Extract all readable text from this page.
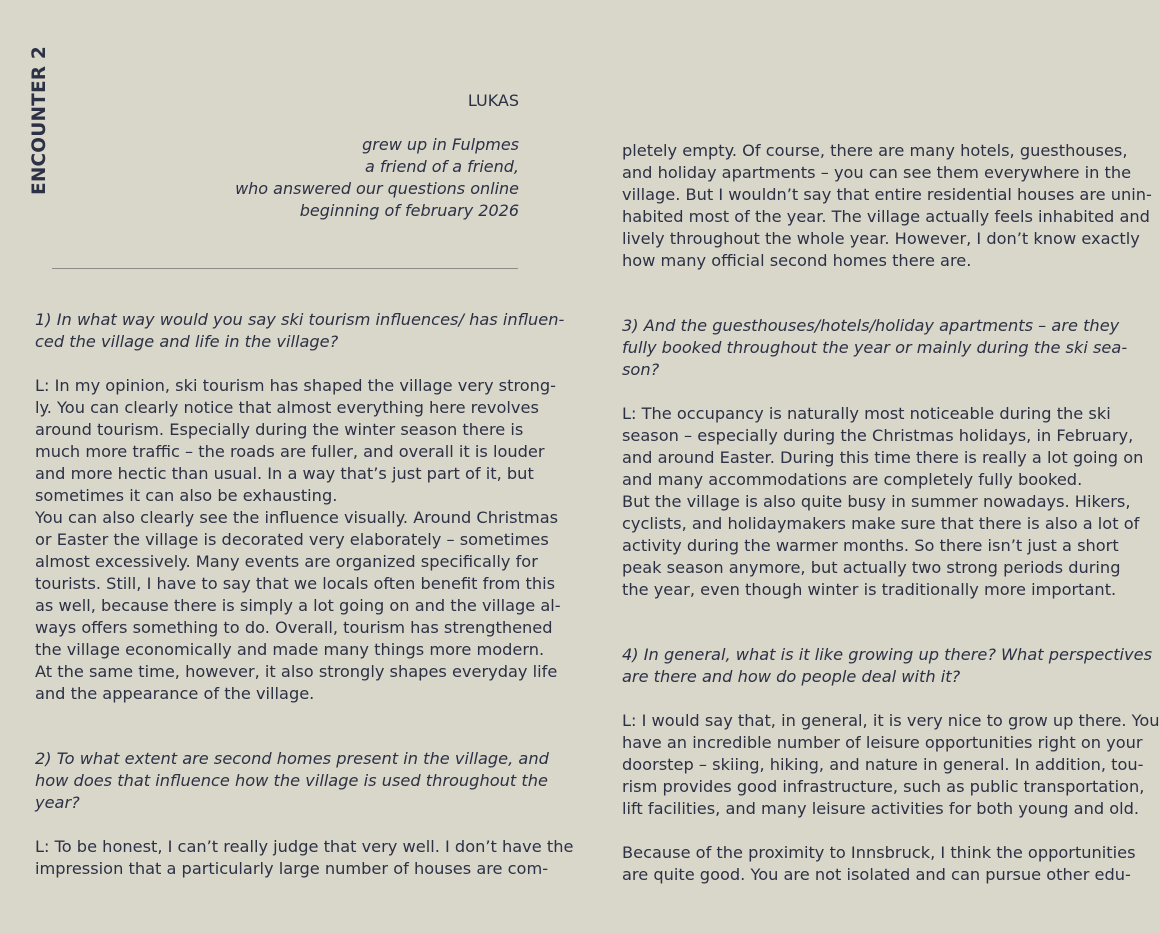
ENCOUNTER 2	LUKAS
grew up in Fulpmes
a friend of a friend,
who answered our questions online
beginning of february 2026
1) In what way would you say ski tourism influences/ has influen-
ced the village and life in the village?
L: In my opinion, ski tourism has shaped the village very strong-
ly. You can clearly notice that almost everything here revolves
around tourism. Especially during the winter season there is
much more traffic – the roads are fuller, and overall it is louder
and more hectic than usual. In a way that’s just part of it, but
sometimes it can also be exhausting.
You can also clearly see the influence visually. Around Christmas
or Easter the village is decorated very elaborately – sometimes
almost excessively. Many events are organized specifically for
tourists. Still, I have to say that we locals often benefit from this
as well, because there is simply a lot going on and the village al-
ways offers something to do. Overall, tourism has strengthened
the village economically and made many things more modern.
At the same time, however, it also strongly shapes everyday life
and the appearance of the village.
2) To what extent are second homes present in the village, and
how does that influence how the village is used throughout the
year?
L: To be honest, I can’t really judge that very well. I don’t have the
impression that a particularly large number of houses are com-
pletely empty. Of course, there are many hotels, guesthouses,
and holiday apartments – you can see them everywhere in the
village. But I wouldn’t say that entire residential houses are unin-
habited most of the year. The village actually feels inhabited and
lively throughout the whole year. However, I don’t know exactly
how many official second homes there are.
3) And the guesthouses/hotels/holiday apartments – are they
fully booked throughout the year or mainly during the ski sea-
son?
L: The occupancy is naturally most noticeable during the ski
season – especially during the Christmas holidays, in February,
and around Easter. During this time there is really a lot going on
and many accommodations are completely fully booked.
But the village is also quite busy in summer nowadays. Hikers,
cyclists, and holidaymakers make sure that there is also a lot of
activity during the warmer months. So there isn’t just a short
peak season anymore, but actually two strong periods during
the year, even though winter is traditionally more important.
4) In general, what is it like growing up there? What perspectives
are there and how do people deal with it?
L: I would say that, in general, it is very nice to grow up there. You
have an incredible number of leisure opportunities right on your
doorstep – skiing, hiking, and nature in general. In addition, tou-
rism provides good infrastructure, such as public transportation,
lift facilities, and many leisure activities for both young and old.
Because of the proximity to Innsbruck, I think the opportunities
are quite good. You are not isolated and can pursue other edu-
